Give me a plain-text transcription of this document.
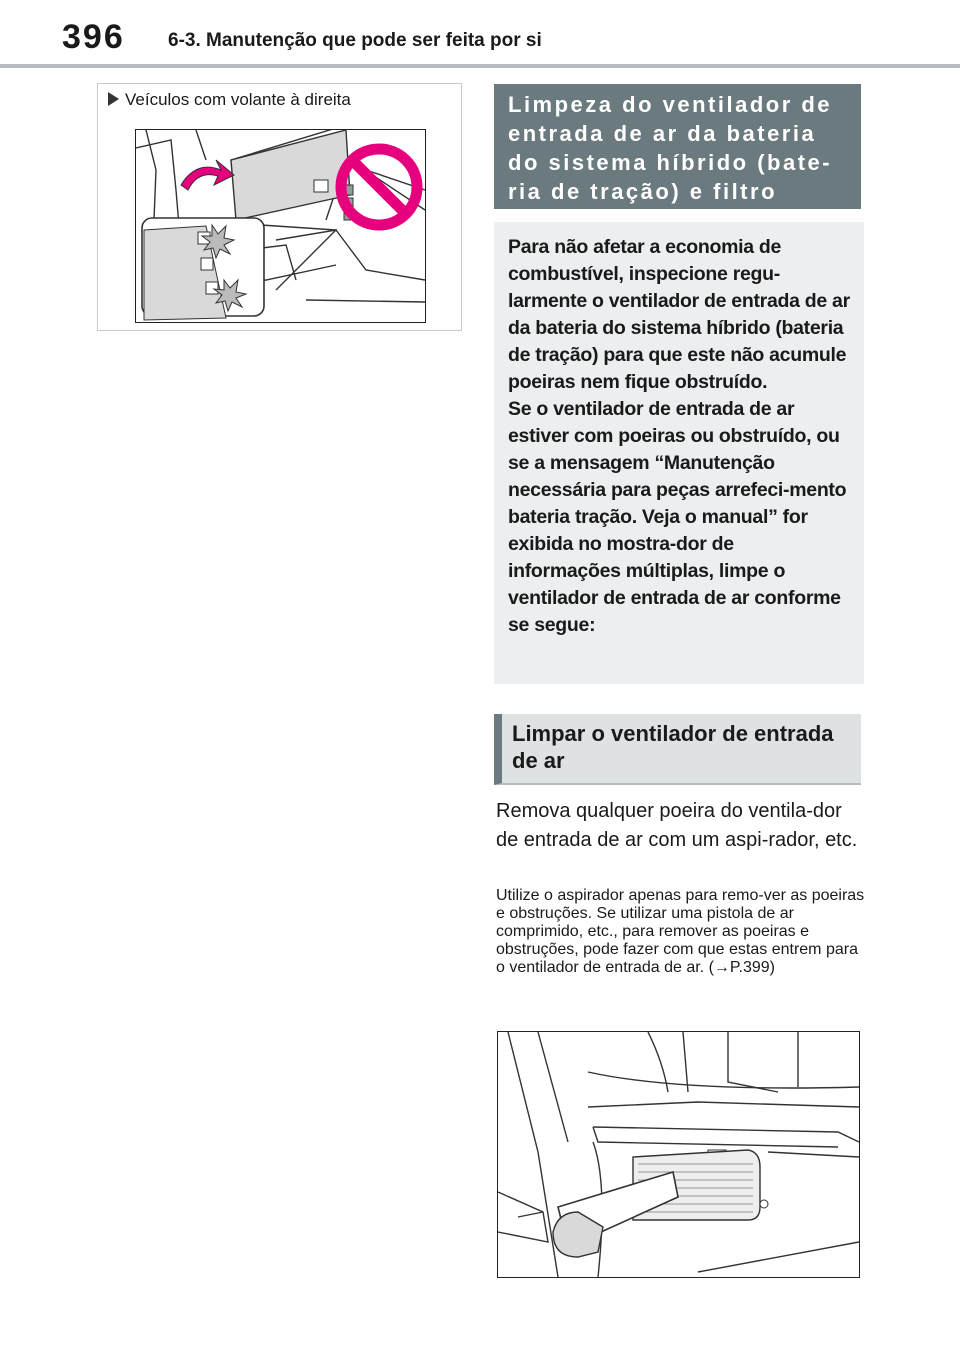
396 6-3. Manutenção que pode ser feita por si
Veículos com volante à direita	Limpeza do ventilador de entrada de ar da bateria do sistema híbrido (bate-ria de tração) e filtro

Para não afetar a economia de combustível, inspecione regu-larmente o ventilador de entrada de ar da bateria do sistema híbrido (bateria de tração) para que este não acumule poeiras nem fique obstruído.

Se o ventilador de entrada de ar estiver com poeiras ou obstruído, ou se a mensagem “Manutenção necessária para peças arrefeci-mento bateria tração. Veja o manual” for exibida no mostra-dor de informações múltiplas, limpe o ventilador de entrada de ar conforme se segue:

Limpar o ventilador de entrada de ar
Remova qualquer poeira do ventila-dor de entrada de ar com um aspi-rador, etc.
Utilize o aspirador apenas para remo-ver as poeiras e obstruções. Se utilizar uma pistola de ar comprimido, etc., para remover as poeiras e obstruções, pode fazer com que estas entrem para o ventilador de entrada de ar. (→P.399)
